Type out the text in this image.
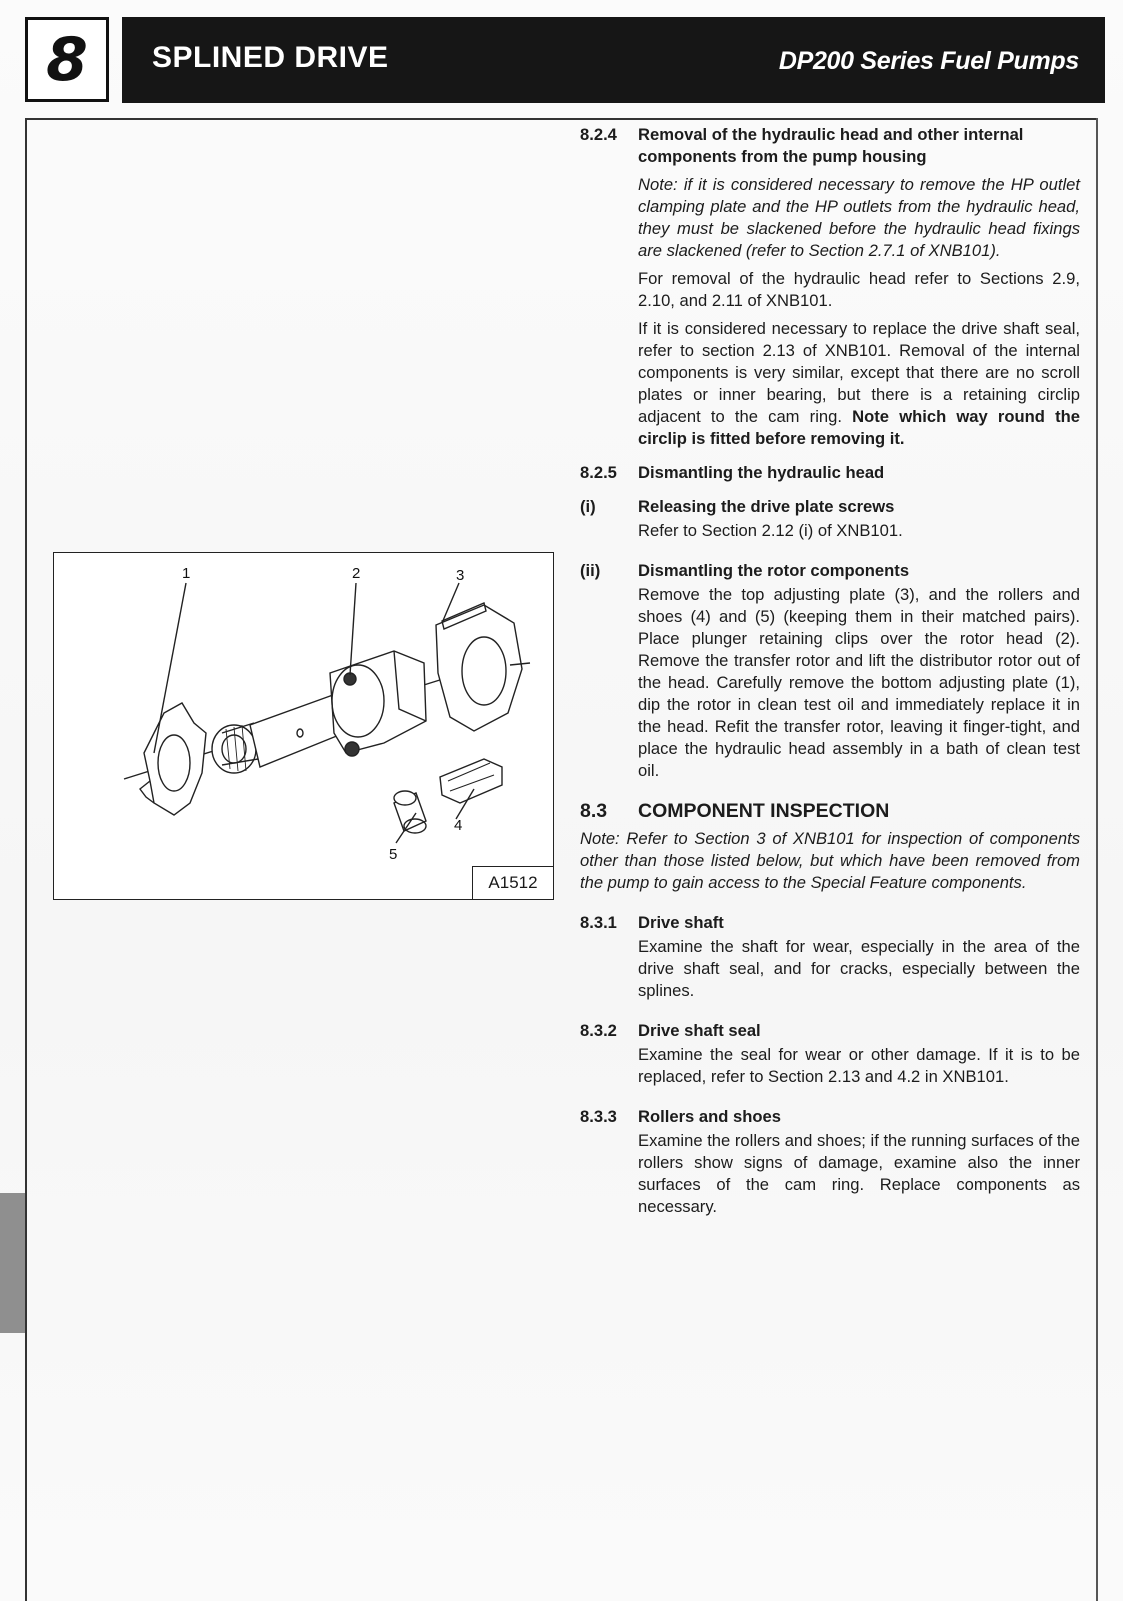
8 SPLINED DRIVE	DP200 Series Fuel Pumps
1	2	3
4
5
A1512
8.2.4 Removal of the hydraulic head and other internal components from the pump housing
Note: if it is considered necessary to remove the HP outlet clamping plate and the HP outlets from the hydraulic head, they must be slackened before the hydraulic head fixings are slackened (refer to Section 2.7.1 of XNB101).
For removal of the hydraulic head refer to Sections 2.9, 2.10, and 2.11 of XNB101.
If it is considered necessary to replace the drive shaft seal, refer to section 2.13 of XNB101. Removal of the internal components is very similar, except that there are no scroll plates or inner bearing, but there is a retaining circlip adjacent to the cam ring. Note which way round the circlip is fitted before removing it.
8.2.5 Dismantling the hydraulic head
(i)	Releasing the drive plate screws
Refer to Section 2.12 (i) of XNB101.
(ii) Dismantling the rotor components
Remove the top adjusting plate (3), and the rollers and shoes (4) and (5) (keeping them in their matched pairs). Place plunger retaining clips over the rotor head (2). Remove the transfer rotor and lift the distributor rotor out of the head. Carefully remove the bottom adjusting plate (1), dip the rotor in clean test oil and immediately replace it in the head. Refit the transfer rotor, leaving it finger-tight, and place the hydraulic head assembly in a bath of clean test oil.
8.3 COMPONENT INSPECTION
Note: Refer to Section 3 of XNB101 for inspection of components other than those listed below, but which have been removed from the pump to gain access to the Special Feature components.
8.3.1 Drive shaft
Examine the shaft for wear, especially in the area of the drive shaft seal, and for cracks, especially between the splines.
8.3.2 Drive shaft seal
Examine the seal for wear or other damage. If it is to be replaced, refer to Section 2.13 and 4.2 in XNB101.
8.3.3 Rollers and shoes
Examine the rollers and shoes; if the running surfaces of the rollers show signs of damage, examine also the inner surfaces of the cam ring. Replace components as necessary.
